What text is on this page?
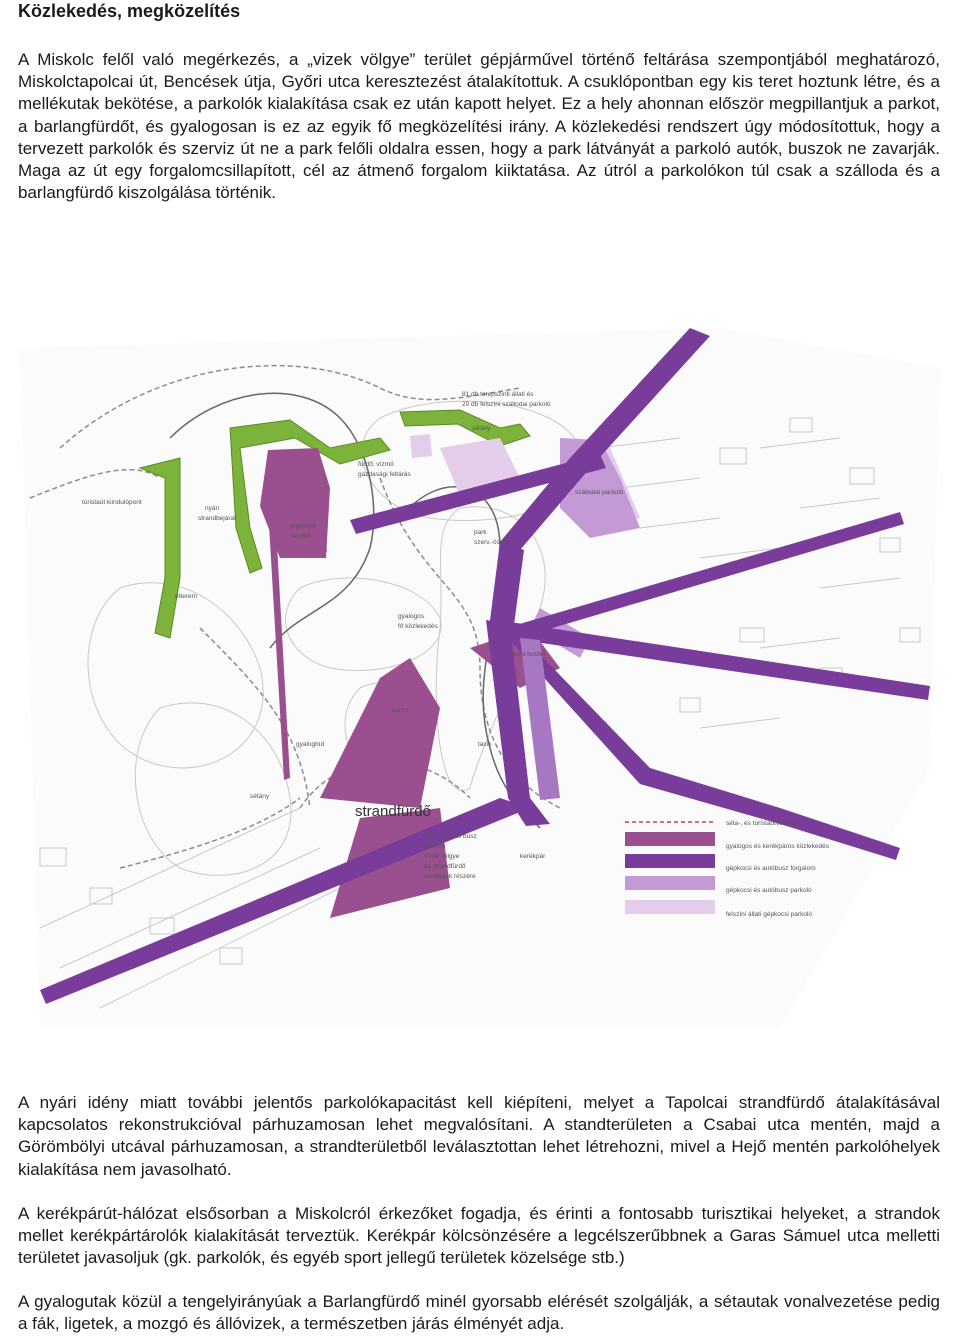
Közlekedés, megközelítés

A Miskolc felől való megérkezés, a „vizek völgye” terület gépjárművel történő feltárása szempontjából meghatározó, Miskolctapolcai út, Bencések útja, Győri utca keresztezést átalakítottuk. A csuklópontban egy kis teret hoztunk létre, és a mellékutak bekötése, a parkolók kialakítása csak ez után kapott helyet. Ez a hely ahonnan először megpillantjuk a parkot, a barlangfürdőt, és gyalogosan is ez az egyik fő megközelítési irány. A közlekedési rendszert úgy módosítottuk, hogy a tervezett parkolók és szerviz út ne a park felőli oldalra essen, hogy a park látványát a parkoló autók, buszok ne zavarják. Maga az út egy forgalomcsillapított, cél az átmenő forgalom kiiktatása. Az útról a parkolókon túl csak a szálloda és a barlangfürdő kiszolgálása történik.

81 db terepszinti állati és
20 db felszíni szállodai parkoló
sikány
fürdő, vízmű
gazdasági feltárás
túristaút kiindulópont
nyári
strandbejárat
régészeti
terület
park
szerv.-ösvény
szállodai parkoló
étterem
gyalogos
fő közlekedés
városi terület
korzó
gyaloghíd	taxik
sétány
kerékpár
200 gk és 10 busz
parkoló
vizek völgye
és strandfürdő
vendégek részére
strandfürdő
séta-, és túristaútvonalak
gyalogos és kerékpáros közlekedés
gépkocsi és autóbusz forgalom
gépkocsi és autóbusz parkoló
felszíni állati gépkocsi parkoló

A nyári idény miatt további jelentős parkolókapacitást kell kiépíteni, melyet a Tapolcai strandfürdő átalakításával kapcsolatos rekonstrukcióval párhuzamosan lehet megvalósítani. A standterületen a Csabai utca mentén, majd a Görömbölyi utcával párhuzamosan, a strandterületből leválasztottan lehet létrehozni, mivel a Hejő mentén parkolóhelyek kialakítása nem javasolható.

A kerékpárút-hálózat elsősorban a Miskolcról érkezőket fogadja, és érinti a fontosabb turisztikai helyeket, a strandok mellet kerékpártárolók kialakítását terveztük. Kerékpár kölcsönzésére a legcélszerűbbnek a Garas Sámuel utca melletti területet javasoljuk (gk. parkolók, és egyéb sport jellegű területek közelsége stb.)

A gyalogutak közül a tengelyirányúak a Barlangfürdő minél gyorsabb elérését szolgálják, a sétautak vonalvezetése pedig a fák, ligetek, a mozgó és állóvizek, a természetben járás élményét adja.
